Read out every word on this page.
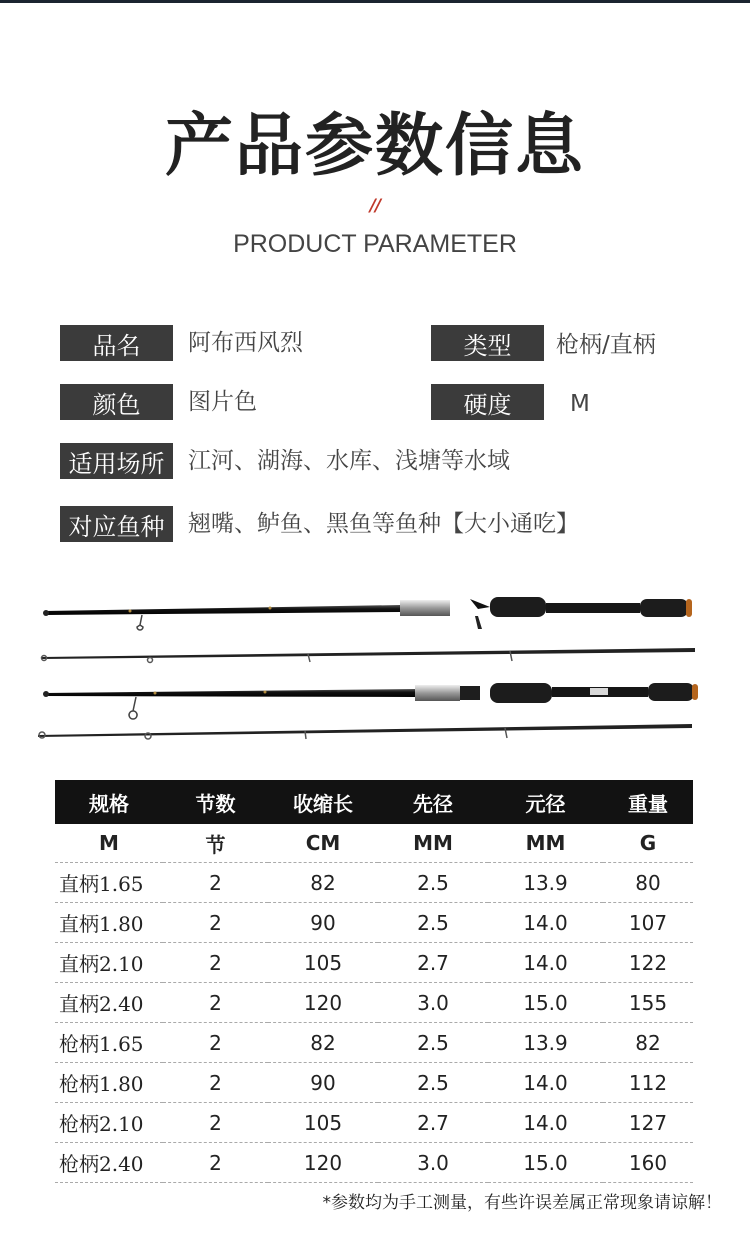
产品参数信息
//
PRODUCT PARAMETER
品名	阿布西风烈	类型	枪柄/直柄
颜色	图片色	硬度	M
适用场所	江河、湖海、水库、浅塘等水域
对应鱼种	翘嘴、鲈鱼、黑鱼等鱼种【大小通吃】
规格	节数	收缩长	先径	元径	重量
M	节	CM	MM	MM	G
直柄1.65	2	82	2.5	13.9	80
直柄1.80	2	90	2.5	14.0	107
直柄2.10	2	105	2.7	14.0	122
直柄2.40	2	120	3.0	15.0	155
枪柄1.65	2	82	2.5	13.9	82
枪柄1.80	2	90	2.5	14.0	112
枪柄2.10	2	105	2.7	14.0	127
枪柄2.40	2	120	3.0	15.0	160
*参数均为手工测量，有些许误差属正常现象请谅解！
